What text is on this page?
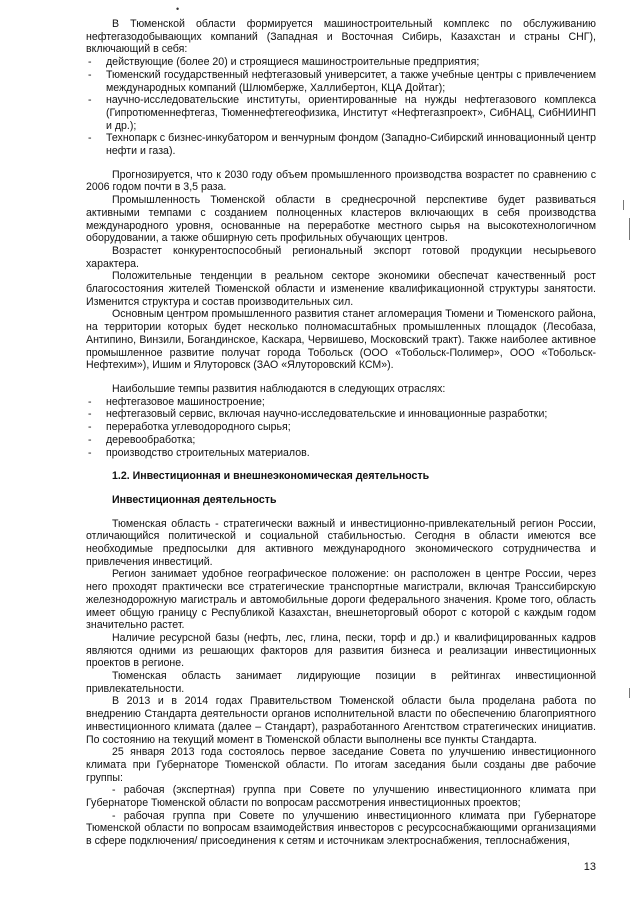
•

В Тюменской области формируется машиностроительный комплекс по обслуживанию нефтегазодобывающих компаний (Западная и Восточная Сибирь, Казахстан и страны СНГ), включающий в себя:

- действующие (более 20) и строящиеся машиностроительные предприятия;
- Тюменский государственный нефтегазовый университет, а также учебные центры с привлечением международных компаний (Шлюмберже, Халлибертон, КЦА Дойтаг);
- научно-исследовательские институты, ориентированные на нужды нефтегазового комплекса (Гипротюменнефтегаз, Тюменнефтегеофизика, Институт «Нефтегазпроект», СибНАЦ, СибНИИНП и др.);
- Технопарк с бизнес-инкубатором и венчурным фондом (Западно-Сибирский инновационный центр нефти и газа).

Прогнозируется, что к 2030 году объем промышленного производства возрастет по сравнению с 2006 годом почти в 3,5 раза.

Промышленность Тюменской области в среднесрочной перспективе будет развиваться активными темпами с созданием полноценных кластеров включающих в себя производства международного уровня, основанные на переработке местного сырья на высокотехнологичном оборудовании, а также обширную сеть профильных обучающих центров.

Возрастет конкурентоспособный региональный экспорт готовой продукции несырьевого характера.

Положительные тенденции в реальном секторе экономики обеспечат качественный рост благосостояния жителей Тюменской области и изменение квалификационной структуры занятости. Изменится структура и состав производительных сил.

Основным центром промышленного развития станет агломерация Тюмени и Тюменского района, на территории которых будет несколько полномасштабных промышленных площадок (Лесобаза, Антипино, Винзили, Богандинское, Каскара, Червишево, Московский тракт). Также наиболее активное промышленное развитие получат города Тобольск (ООО «Тобольск-Полимер», ООО «Тобольск-Нефтехим»), Ишим и Ялуторовск (ЗАО «Ялуторовский КСМ»).

Наибольшие темпы развития наблюдаются в следующих отраслях:

- нефтегазовое машиностроение;
- нефтегазовый сервис, включая научно-исследовательские и инновационные разработки;
- переработка углеводородного сырья;
- деревообработка;
- производство строительных материалов.

1.2. Инвестиционная и внешнеэкономическая деятельность

Инвестиционная деятельность

Тюменская область - стратегически важный и инвестиционно-привлекательный регион России, отличающийся политической и социальной стабильностью. Сегодня в области имеются все необходимые предпосылки для активного международного экономического сотрудничества и привлечения инвестиций.

Регион занимает удобное географическое положение: он расположен в центре России, через него проходят практически все стратегические транспортные магистрали, включая Транссибирскую железнодорожную магистраль и автомобильные дороги федерального значения. Кроме того, область имеет общую границу с Республикой Казахстан, внешнеторговый оборот с которой с каждым годом значительно растет.

Наличие ресурсной базы (нефть, лес, глина, пески, торф и др.) и квалифицированных кадров являются одними из решающих факторов для развития бизнеса и реализации инвестиционных проектов в регионе.

Тюменская область занимает лидирующие позиции в рейтингах инвестиционной привлекательности.

В 2013 и в 2014 годах Правительством Тюменской области была проделана работа по внедрению Стандарта деятельности органов исполнительной власти по обеспечению благоприятного инвестиционного климата (далее – Стандарт), разработанного Агентством стратегических инициатив. По состоянию на текущий момент в Тюменской области выполнены все пункты Стандарта.

25 января 2013 года состоялось первое заседание Совета по улучшению инвестиционного климата при Губернаторе Тюменской области. По итогам заседания были созданы две рабочие группы:

- рабочая (экспертная) группа при Совете по улучшению инвестиционного климата при Губернаторе Тюменской области по вопросам рассмотрения инвестиционных проектов;

- рабочая группа при Совете по улучшению инвестиционного климата при Губернаторе Тюменской области по вопросам взаимодействия инвесторов с ресурсоснабжающими организациями в сфере подключения/ присоединения к сетям и источникам электроснабжения, теплоснабжения,

13
